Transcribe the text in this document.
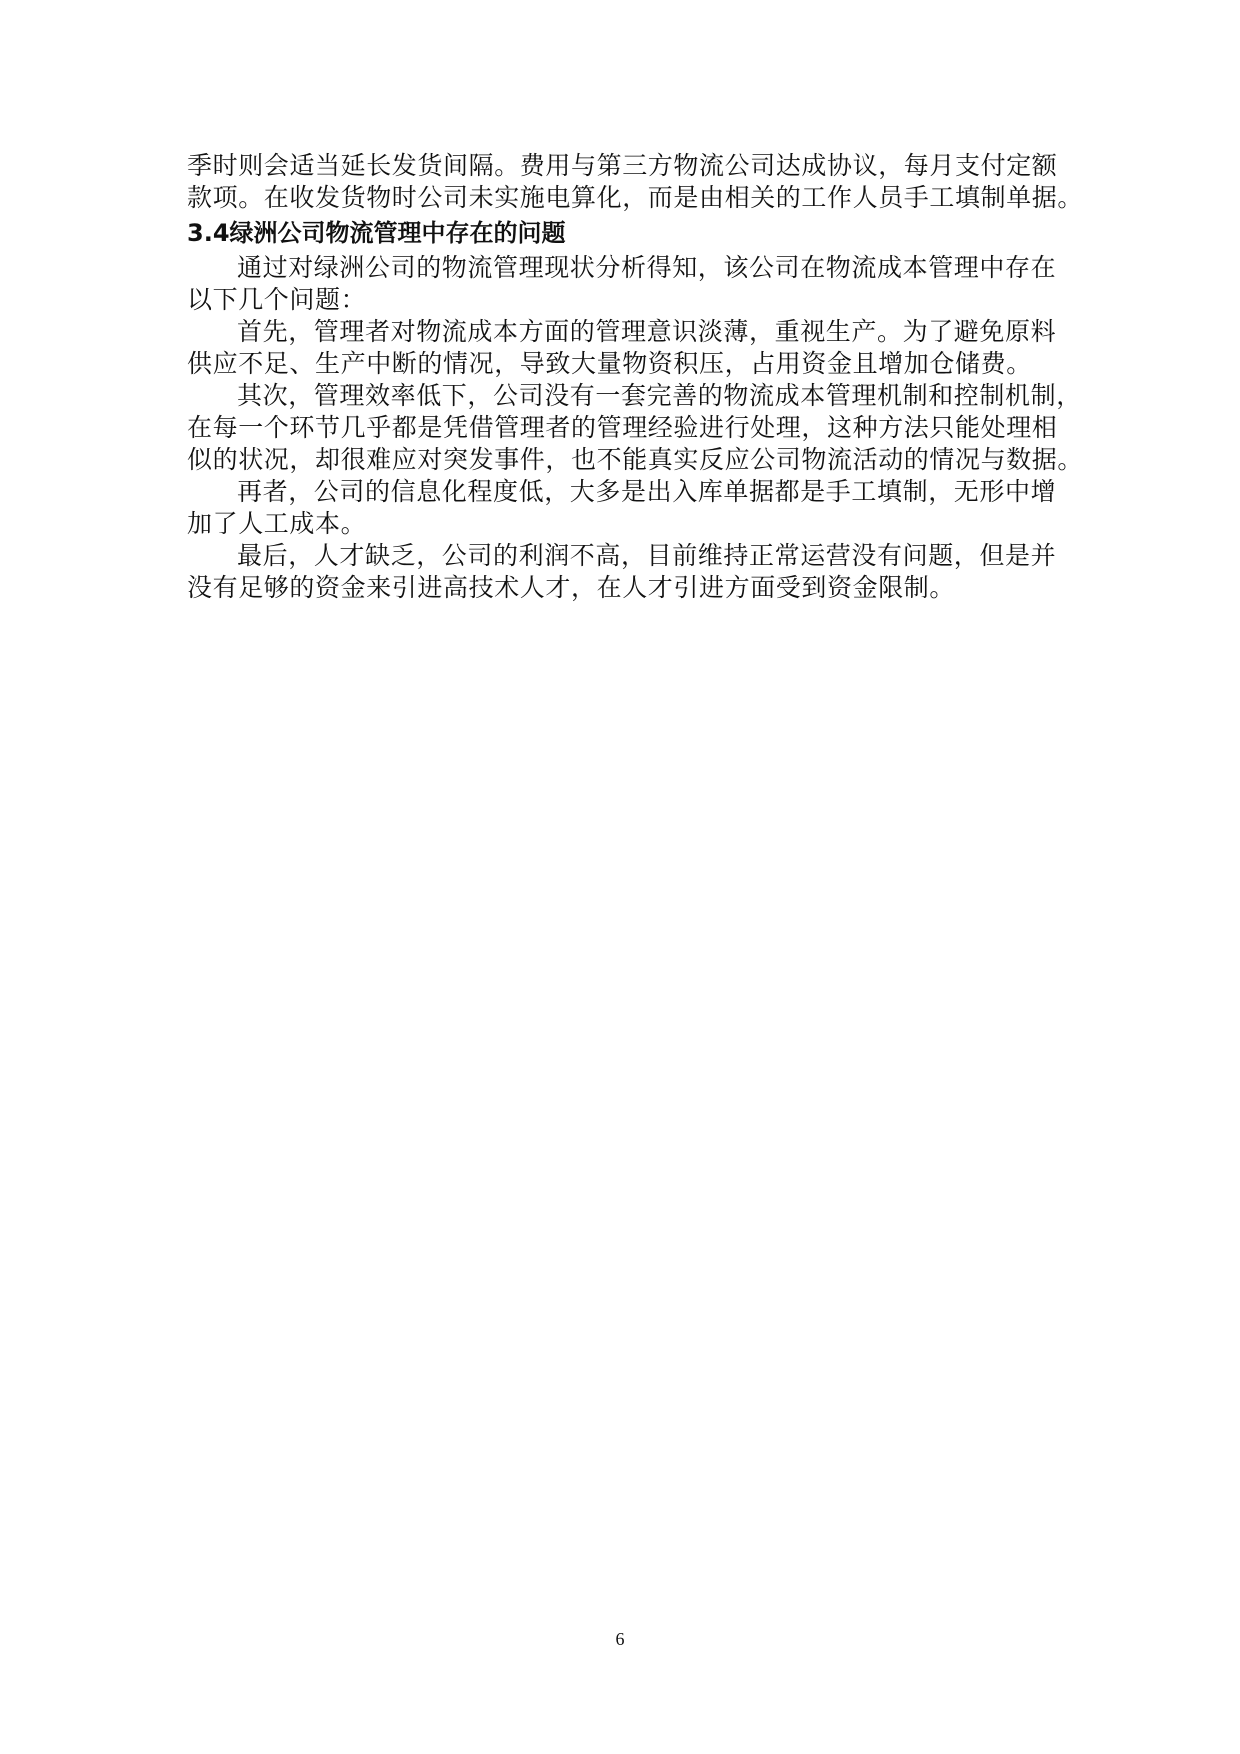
季时则会适当延长发货间隔。费用与第三方物流公司达成协议，每月支付定额
款项。在收发货物时公司未实施电算化，而是由相关的工作人员手工填制单据。
3.4绿洲公司物流管理中存在的问题
通过对绿洲公司的物流管理现状分析得知，该公司在物流成本管理中存在
以下几个问题：
首先，管理者对物流成本方面的管理意识淡薄，重视生产。为了避免原料
供应不足、生产中断的情况，导致大量物资积压，占用资金且增加仓储费。
其次，管理效率低下，公司没有一套完善的物流成本管理机制和控制机制，
在每一个环节几乎都是凭借管理者的管理经验进行处理，这种方法只能处理相
似的状况，却很难应对突发事件，也不能真实反应公司物流活动的情况与数据。
再者，公司的信息化程度低，大多是出入库单据都是手工填制，无形中增
加了人工成本。
最后，人才缺乏，公司的利润不高，目前维持正常运营没有问题，但是并
没有足够的资金来引进高技术人才，在人才引进方面受到资金限制。
6
